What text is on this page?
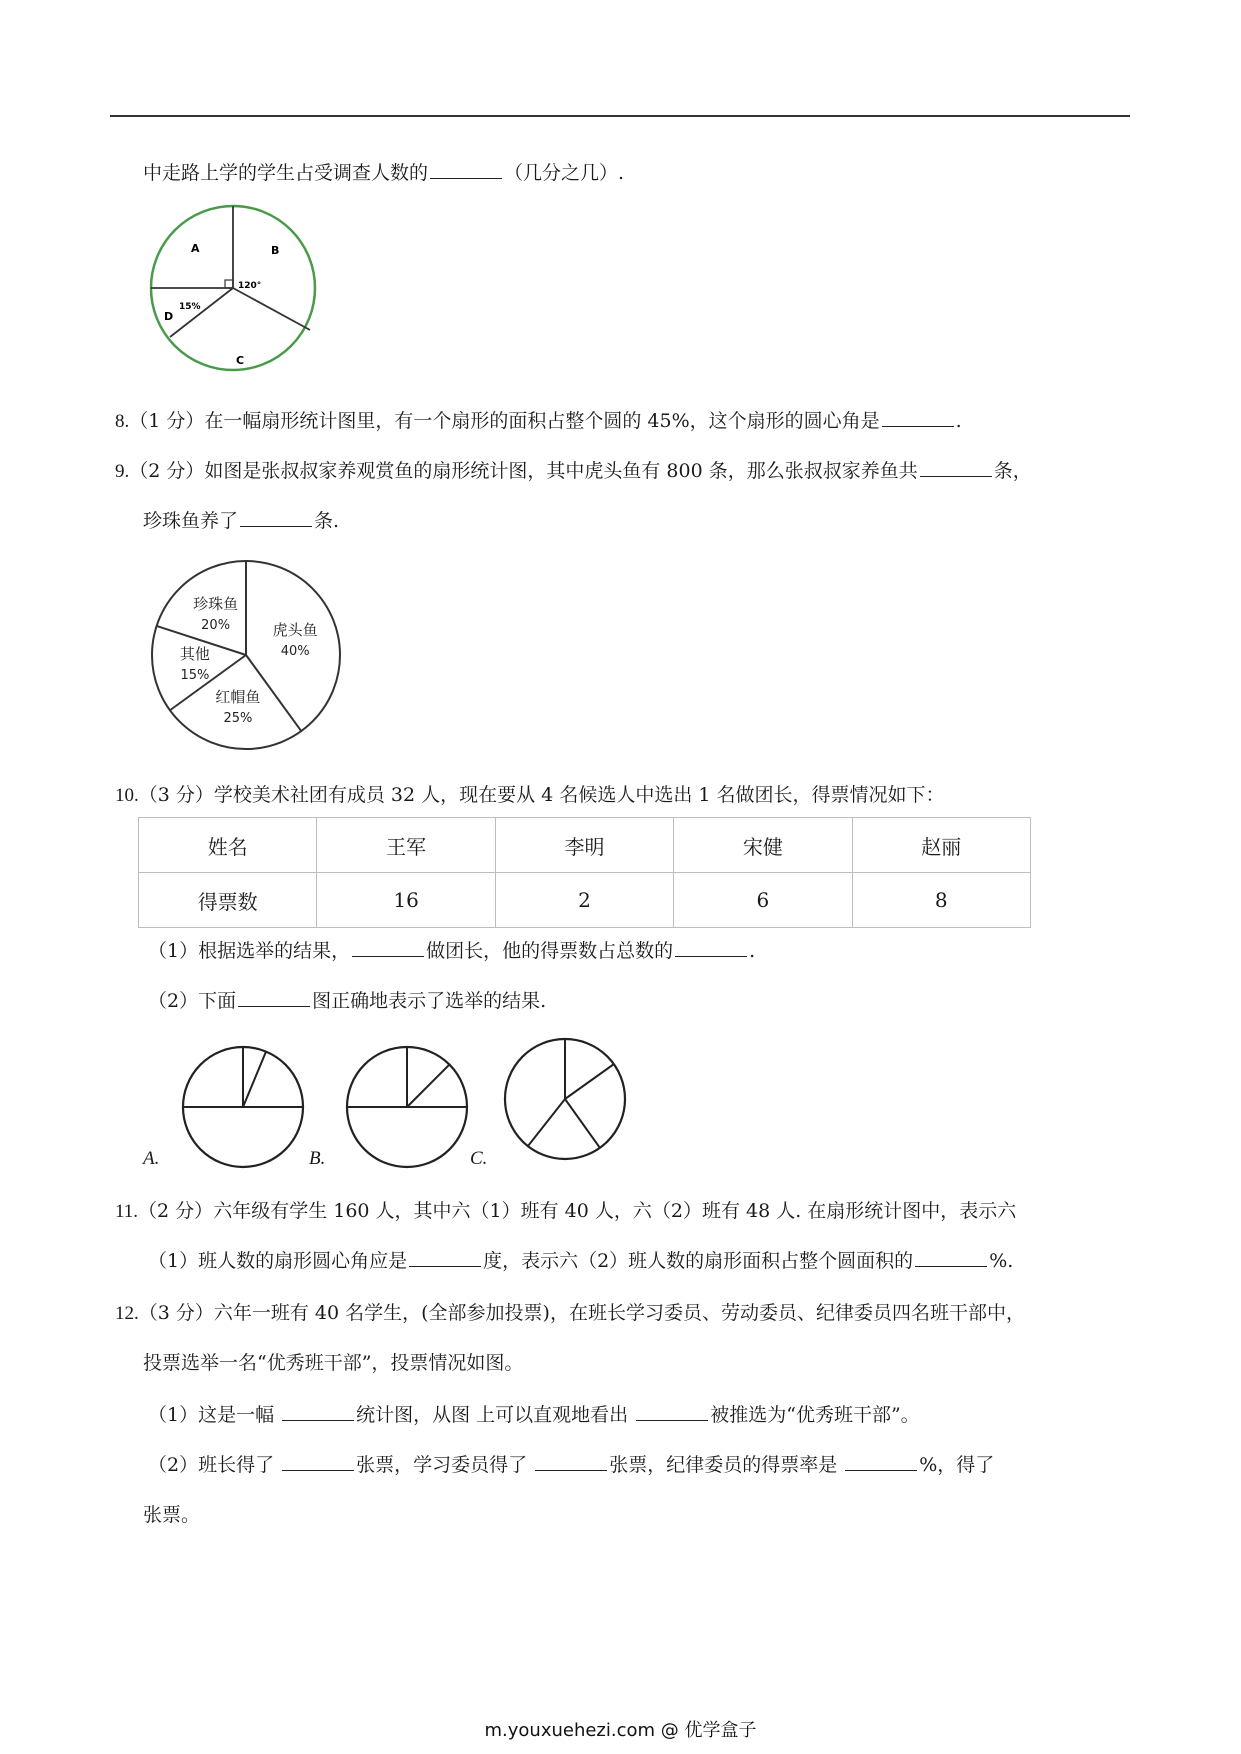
中走路上学的学生占受调查人数的	（几分之几）.
A	B
120°
15%
D
C
8.（1 分）在一幅扇形统计图里，有一个扇形的面积占整个圆的 45%，这个扇形的圆心角是	.
9.（2 分）如图是张叔叔家养观赏鱼的扇形统计图，其中虎头鱼有 800 条，那么张叔叔家养鱼共	条，
珍珠鱼养了	条.
虎头鱼
40%
红帽鱼
25%
其他
15%
珍珠鱼
20%
10.（3 分）学校美术社团有成员 32 人，现在要从 4 名候选人中选出 1 名做团长，得票情况如下：
姓名	王军	李明	宋健	赵丽
得票数	16	2	6	8
（1）根据选举的结果，	做团长，他的得票数占总数的	.
（2）下面	图正确地表示了选举的结果.
A.	B.	C.
11.（2 分）六年级有学生 160 人，其中六（1）班有 40 人，六（2）班有 48 人. 在扇形统计图中，表示六
（1）班人数的扇形圆心角应是	度，表示六（2）班人数的扇形面积占整个圆面积的	%.
12.（3 分）六年一班有 40 名学生，(全部参加投票)，在班长学习委员、劳动委员、纪律委员四名班干部中，
投票选举一名“优秀班干部”，投票情况如图。
（1）这是一幅	统计图，从图 上可以直观地看出	被推选为“优秀班干部”。
（2）班长得了	张票，学习委员得了	张票，纪律委员的得票率是	%，得了
张票。
m.youxuehezi.com @ 优学盒子
